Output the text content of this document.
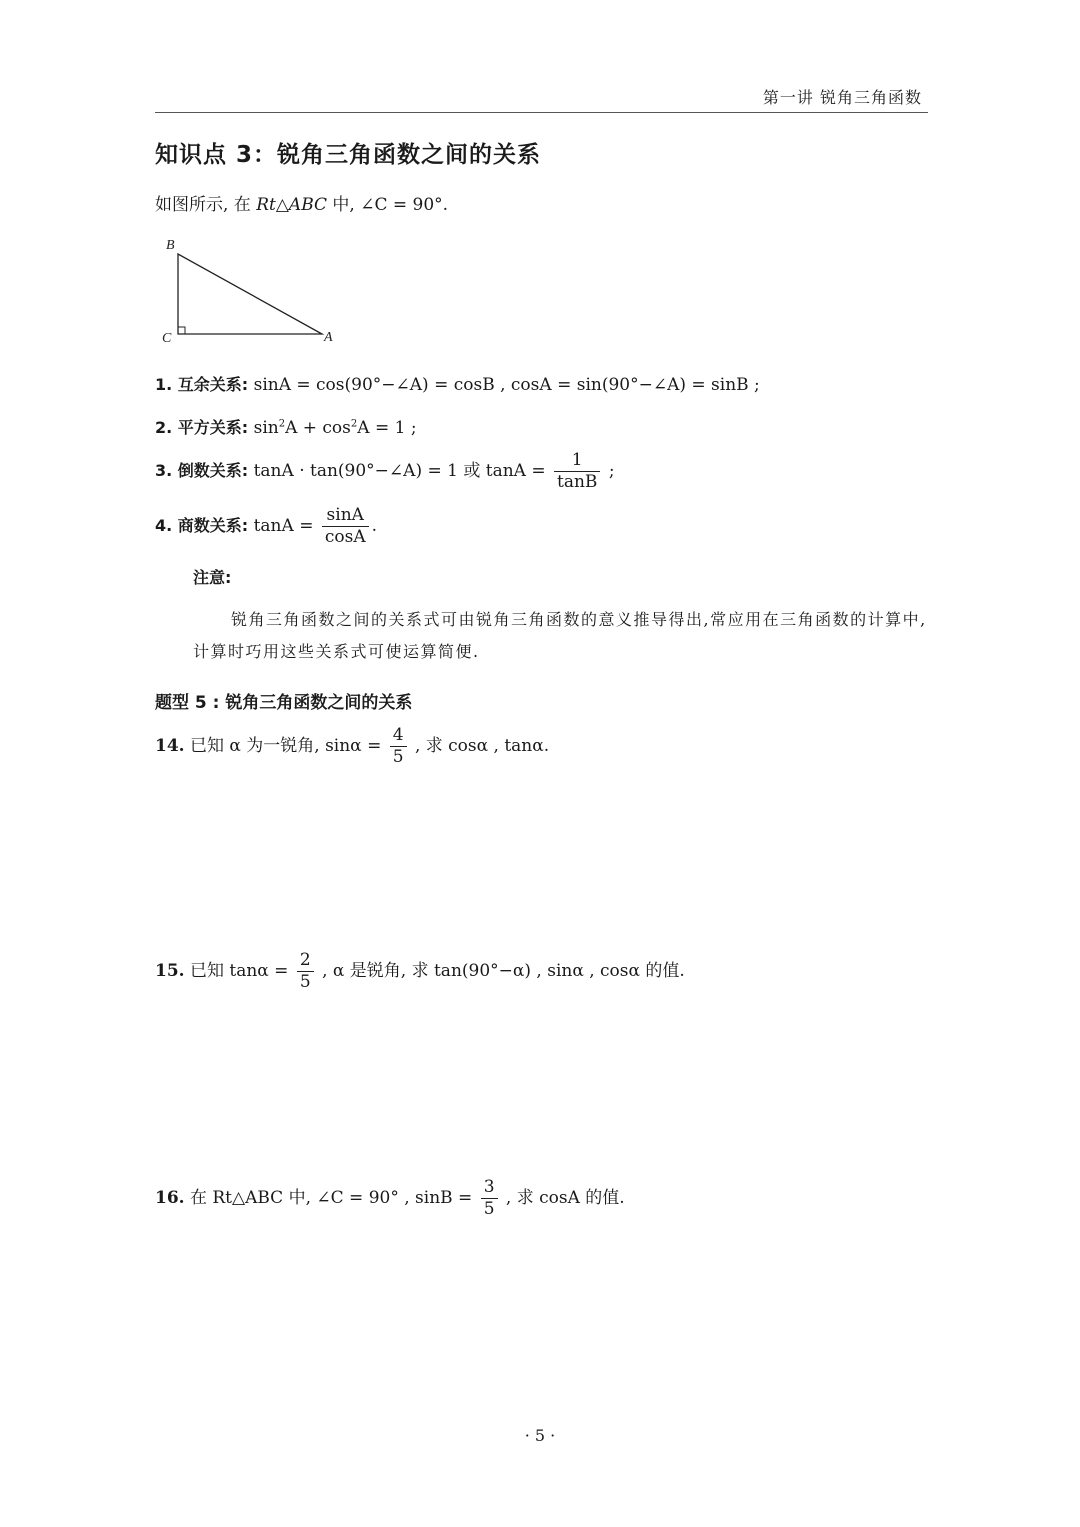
第一讲 锐角三角函数
知识点 3：锐角三角函数之间的关系
如图所示, 在 Rt△ABC 中, ∠C = 90°.
B
C	A
1. 互余关系: sinA = cos(90°−∠A) = cosB , cosA = sin(90°−∠A) = sinB ;
2. 平方关系: $\sin^2A + \cos^2A = 1$ ;
3. 倒数关系: tanA · tan(90°−∠A) = 1 或 $\tan A = \frac{1}{\tan B}$ ;
4. 商数关系: $\tan A = \frac{\sin A}{\cos A}$ .
注意:
锐角三角函数之间的关系式可由锐角三角函数的意义推导得出,常应用在三角函数的计算中,计算时巧用这些关系式可使运算简便.
题型 5 : 锐角三角函数之间的关系
14. 已知 α 为一锐角, $\sin\alpha = \frac{4}{5}$ , 求 cosα , tanα.
15. 已知 $\tan\alpha = \frac{2}{5}$ , α 是锐角, 求 tan(90°−α) , sinα , cosα 的值.
16. 在 Rt△ABC 中, ∠C = 90° , $\sin B = \frac{3}{5}$ , 求 cosA 的值.
· 5 ·
